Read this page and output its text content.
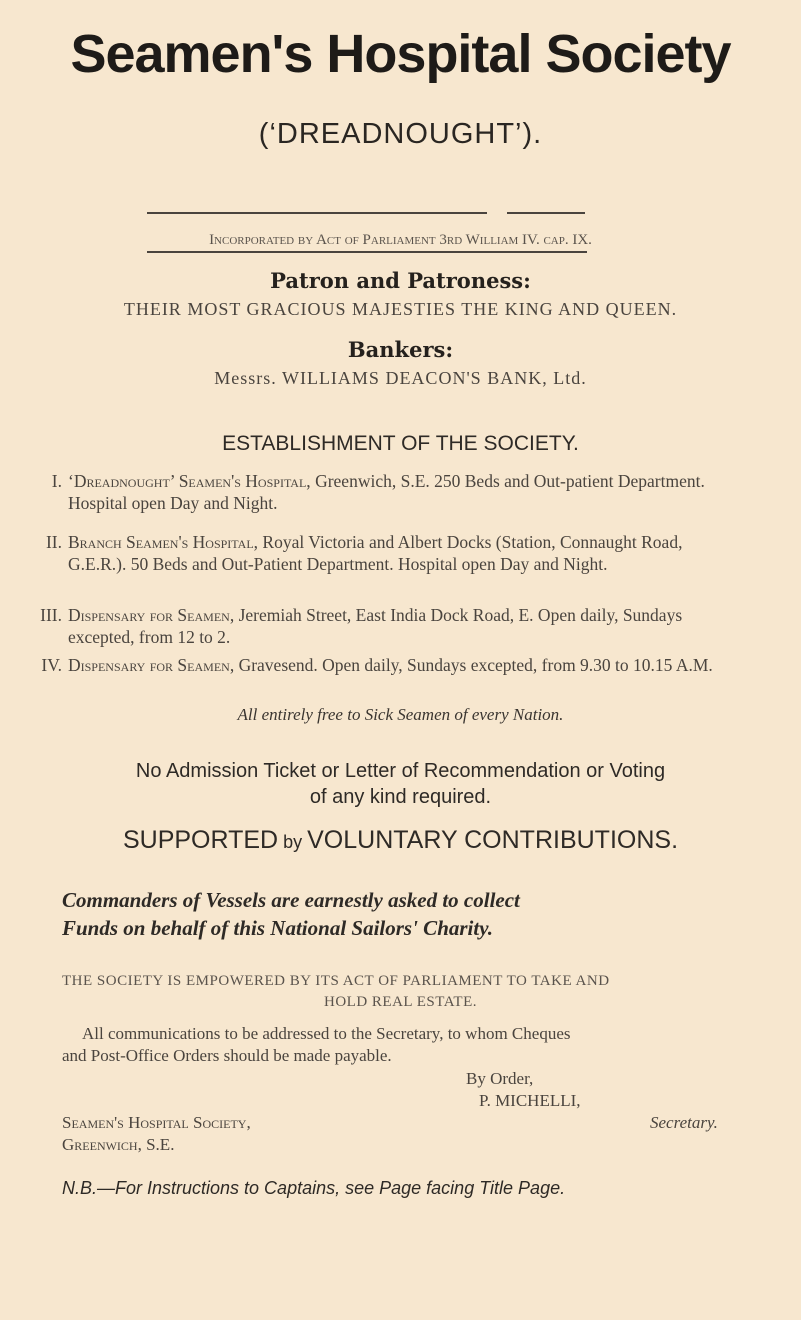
Seamen's Hospital Society
(‘DREADNOUGHT’).
Incorporated by Act of Parliament 3rd William IV. cap. IX.
Patron and Patroness:
THEIR MOST GRACIOUS MAJESTIES THE KING AND QUEEN.
Bankers:
Messrs. WILLIAMS DEACON'S BANK, Ltd.
ESTABLISHMENT OF THE SOCIETY.
I. ‘Dreadnought’ Seamen's Hospital, Greenwich, S.E. 250 Beds and Out-patient Department. Hospital open Day and Night.
II. Branch Seamen's Hospital, Royal Victoria and Albert Docks (Station, Connaught Road, G.E.R.). 50 Beds and Out-Patient Department. Hospital open Day and Night.
III. Dispensary for Seamen, Jeremiah Street, East India Dock Road, E. Open daily, Sundays excepted, from 12 to 2.
IV. Dispensary for Seamen, Gravesend. Open daily, Sundays excepted, from 9.30 to 10.15 A.M.
All entirely free to Sick Seamen of every Nation.
No Admission Ticket or Letter of Recommendation or Voting
of any kind required.
SUPPORTED by VOLUNTARY CONTRIBUTIONS.
Commanders of Vessels are earnestly asked to collect
Funds on behalf of this National Sailors' Charity.
THE SOCIETY IS EMPOWERED BY ITS ACT OF PARLIAMENT TO TAKE AND
HOLD REAL ESTATE.
All communications to be addressed to the Secretary, to whom Cheques
and Post-Office Orders should be made payable.
By Order,
P. MICHELLI,
Seamen's Hospital Society,	Secretary.
Greenwich, S.E.
N.B.—For Instructions to Captains, see Page facing Title Page.
